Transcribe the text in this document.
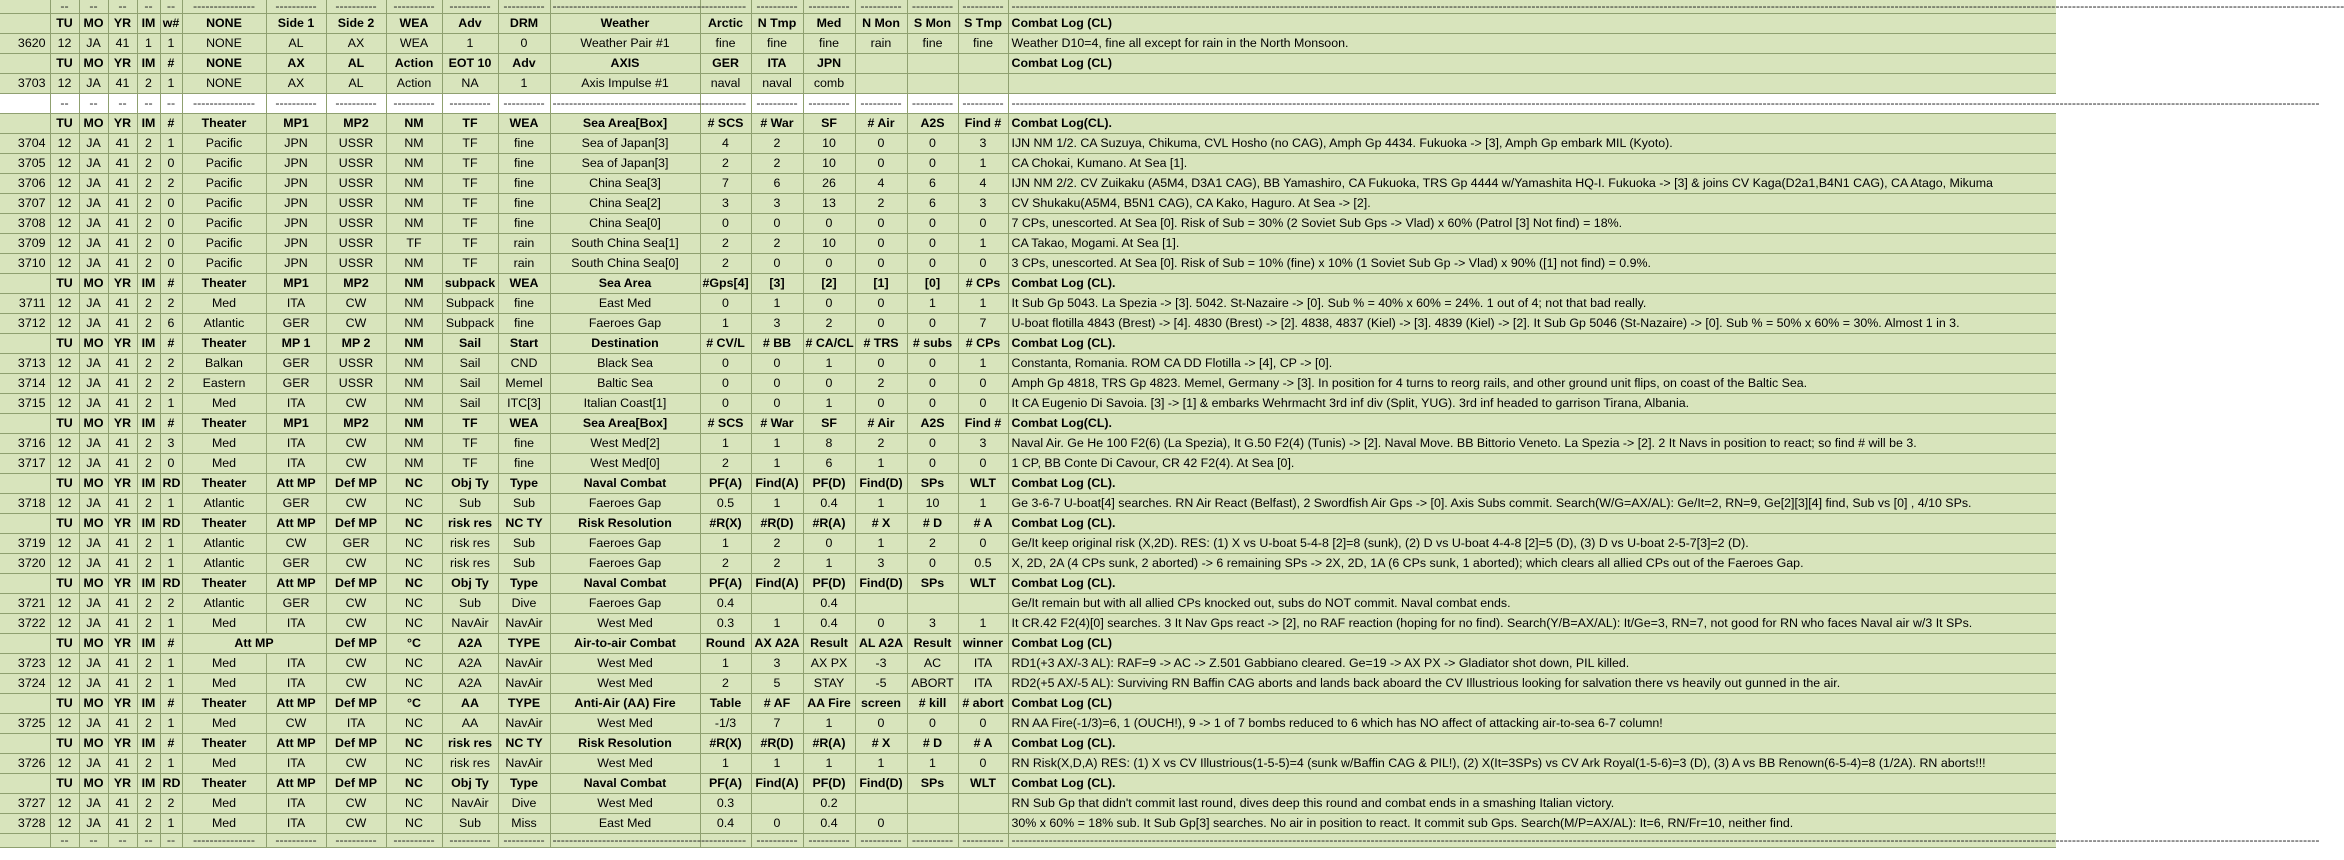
	--	--	--	--	--	---------------	----------	----------	----------	----------	----------	-------------------------------------	----------	----------	----------	----------	----------	----------	-----------------------------------------------------------------------------------------------------------------------------------------------------------------------------------------------------------------------------------------------------------------------------------------------------------------------------------
	TU	MO	YR	IM	w#	NONE	Side 1	Side 2	WEA	Adv	DRM	Weather	Arctic	N Tmp	Med	N Mon	S Mon	S Tmp	Combat Log (CL)
3620	12	JA	41	1	1	NONE	AL	AX	WEA	1	0	Weather Pair #1	fine	fine	fine	rain	fine	fine	Weather D10=4, fine all except for rain in the North Monsoon.
	TU	MO	YR	IM	#	NONE	AX	AL	Action	EOT 10	Adv	AXIS	GER	ITA	JPN				Combat Log (CL)
3703	12	JA	41	2	1	NONE	AX	AL	Action	NA	1	Axis Impulse #1	naval	naval	comb				
	--	--	--	--	--	---------------	----------	----------	----------	----------	----------	-------------------------------------	----------	----------	----------	----------	----------	----------	-----------------------------------------------------------------------------------------------------------------------------------------------------------------------------------------------------------------------------------------------------------------------------------------------------------------------------
	TU	MO	YR	IM	#	Theater	MP1	MP2	NM	TF	WEA	Sea Area[Box]	# SCS	# War	SF	# Air	A2S	Find #	Combat Log(CL).
3704	12	JA	41	2	1	Pacific	JPN	USSR	NM	TF	fine	Sea of Japan[3]	4	2	10	0	0	3	IJN NM 1/2. CA Suzuya, Chikuma, CVL Hosho (no CAG), Amph Gp 4434. Fukuoka -> [3], Amph Gp embark MIL (Kyoto).
3705	12	JA	41	2	0	Pacific	JPN	USSR	NM	TF	fine	Sea of Japan[3]	2	2	10	0	0	1	CA Chokai, Kumano. At Sea [1].
3706	12	JA	41	2	2	Pacific	JPN	USSR	NM	TF	fine	China Sea[3]	7	6	26	4	6	4	IJN NM 2/2. CV Zuikaku (A5M4, D3A1 CAG), BB Yamashiro, CA Fukuoka, TRS Gp 4444 w/Yamashita HQ-I. Fukuoka -> [3] & joins CV Kaga(D2a1,B4N1 CAG), CA Atago, Mikuma
3707	12	JA	41	2	0	Pacific	JPN	USSR	NM	TF	fine	China Sea[2]	3	3	13	2	6	3	CV Shukaku(A5M4, B5N1 CAG), CA Kako, Haguro. At Sea -> [2].
3708	12	JA	41	2	0	Pacific	JPN	USSR	NM	TF	fine	China Sea[0]	0	0	0	0	0	0	7 CPs, unescorted. At Sea [0]. Risk of Sub = 30% (2 Soviet Sub Gps -> Vlad) x 60% (Patrol [3] Not find) = 18%.
3709	12	JA	41	2	0	Pacific	JPN	USSR	TF	TF	rain	South China Sea[1]	2	2	10	0	0	1	CA Takao, Mogami. At Sea [1].
3710	12	JA	41	2	0	Pacific	JPN	USSR	NM	TF	rain	South China Sea[0]	2	0	0	0	0	0	3 CPs, unescorted. At Sea [0]. Risk of Sub = 10% (fine) x 10% (1 Soviet Sub Gp -> Vlad) x 90% ([1] not find) = 0.9%.
	TU	MO	YR	IM	#	Theater	MP1	MP2	NM	subpack	WEA	Sea Area	#Gps[4]	[3]	[2]	[1]	[0]	# CPs	Combat Log (CL).
3711	12	JA	41	2	2	Med	ITA	CW	NM	Subpack	fine	East Med	0	1	0	0	1	1	It Sub Gp 5043. La Spezia -> [3]. 5042. St-Nazaire -> [0]. Sub % = 40% x 60% = 24%. 1 out of 4; not that bad really.
3712	12	JA	41	2	6	Atlantic	GER	CW	NM	Subpack	fine	Faeroes Gap	1	3	2	0	0	7	U-boat flotilla 4843 (Brest) -> [4]. 4830 (Brest) -> [2]. 4838, 4837 (Kiel) -> [3]. 4839 (Kiel) -> [2]. It Sub Gp 5046 (St-Nazaire) -> [0]. Sub % = 50% x 60% = 30%. Almost 1 in 3.
	TU	MO	YR	IM	#	Theater	MP 1	MP 2	NM	Sail	Start	Destination	# CV/L	# BB	# CA/CL	# TRS	# subs	# CPs	Combat Log (CL).
3713	12	JA	41	2	2	Balkan	GER	USSR	NM	Sail	CND	Black Sea	0	0	1	0	0	1	Constanta, Romania. ROM CA DD Flotilla -> [4], CP -> [0].
3714	12	JA	41	2	2	Eastern	GER	USSR	NM	Sail	Memel	Baltic Sea	0	0	0	2	0	0	Amph Gp 4818, TRS Gp 4823. Memel, Germany -> [3]. In position for 4 turns to reorg rails, and other ground unit flips, on coast of the Baltic Sea.
3715	12	JA	41	2	1	Med	ITA	CW	NM	Sail	ITC[3]	Italian Coast[1]	0	0	1	0	0	0	It CA Eugenio Di Savoia. [3] -> [1] & embarks Wehrmacht 3rd inf div (Split, YUG). 3rd inf headed to garrison Tirana, Albania.
	TU	MO	YR	IM	#	Theater	MP1	MP2	NM	TF	WEA	Sea Area[Box]	# SCS	# War	SF	# Air	A2S	Find #	Combat Log(CL).
3716	12	JA	41	2	3	Med	ITA	CW	NM	TF	fine	West Med[2]	1	1	8	2	0	3	Naval Air. Ge He 100 F2(6) (La Spezia), It G.50 F2(4) (Tunis) -> [2]. Naval Move. BB Bittorio Veneto. La Spezia -> [2]. 2 It Navs in position to react; so find # will be 3.
3717	12	JA	41	2	0	Med	ITA	CW	NM	TF	fine	West Med[0]	2	1	6	1	0	0	1 CP, BB Conte Di Cavour, CR 42 F2(4). At Sea [0].
	TU	MO	YR	IM	RD	Theater	Att MP	Def MP	NC	Obj Ty	Type	Naval Combat	PF(A)	Find(A)	PF(D)	Find(D)	SPs	WLT	Combat Log (CL).
3718	12	JA	41	2	1	Atlantic	GER	CW	NC	Sub	Sub	Faeroes Gap	0.5	1	0.4	1	10	1	Ge 3-6-7 U-boat[4] searches. RN Air React (Belfast), 2 Swordfish Air Gps -> [0]. Axis Subs commit. Search(W/G=AX/AL): Ge/It=2, RN=9, Ge[2][3][4] find, Sub vs [0] , 4/10 SPs.
	TU	MO	YR	IM	RD	Theater	Att MP	Def MP	NC	risk res	NC TY	Risk Resolution	#R(X)	#R(D)	#R(A)	# X	# D	# A	Combat Log (CL).
3719	12	JA	41	2	1	Atlantic	CW	GER	NC	risk res	Sub	Faeroes Gap	1	2	0	1	2	0	Ge/It keep original risk (X,2D). RES: (1) X vs U-boat 5-4-8 [2]=8 (sunk), (2) D vs U-boat 4-4-8 [2]=5 (D), (3) D vs U-boat 2-5-7[3]=2 (D).
3720	12	JA	41	2	1	Atlantic	GER	CW	NC	risk res	Sub	Faeroes Gap	2	2	1	3	0	0.5	X, 2D, 2A (4 CPs sunk, 2 aborted) -> 6 remaining SPs -> 2X, 2D, 1A (6 CPs sunk, 1 aborted); which clears all allied CPs out of the Faeroes Gap.
	TU	MO	YR	IM	RD	Theater	Att MP	Def MP	NC	Obj Ty	Type	Naval Combat	PF(A)	Find(A)	PF(D)	Find(D)	SPs	WLT	Combat Log (CL).
3721	12	JA	41	2	2	Atlantic	GER	CW	NC	Sub	Dive	Faeroes Gap	0.4		0.4				Ge/It remain but with all allied CPs knocked out, subs do NOT commit. Naval combat ends.
3722	12	JA	41	2	1	Med	ITA	CW	NC	NavAir	NavAir	West Med	0.3	1	0.4	0	3	1	It CR.42 F2(4)[0] searches. 3 It Nav Gps react -> [2], no RAF reaction (hoping for no find). Search(Y/B=AX/AL): It/Ge=3, RN=7, not good for RN who faces Naval air w/3 It SPs.
	TU	MO	YR	IM	#	Att MP		Def MP	°C	A2A	TYPE	Air-to-air Combat	Round	AX A2A	Result	AL A2A	Result	winner	Combat Log (CL)
3723	12	JA	41	2	1	Med	ITA	CW	NC	A2A	NavAir	West Med	1	3	AX PX	-3	AC	ITA	RD1(+3 AX/-3 AL): RAF=9 -> AC -> Z.501 Gabbiano cleared. Ge=19 -> AX PX -> Gladiator shot down, PIL killed.
3724	12	JA	41	2	1	Med	ITA	CW	NC	A2A	NavAir	West Med	2	5	STAY	-5	ABORT	ITA	RD2(+5 AX/-5 AL): Surviving RN Baffin CAG aborts and lands back aboard the CV Illustrious looking for salvation there vs heavily out gunned in the air.
	TU	MO	YR	IM	#	Theater	Att MP	Def MP	°C	AA	TYPE	Anti-Air (AA) Fire	Table	# AF	AA Fire	screen	# kill	# abort	Combat Log (CL)
3725	12	JA	41	2	1	Med	CW	ITA	NC	AA	NavAir	West Med	-1/3	7	1	0	0	0	RN AA Fire(-1/3)=6, 1 (OUCH!), 9 -> 1 of 7 bombs reduced to 6 which has NO affect of attacking air-to-sea 6-7 column!
	TU	MO	YR	IM	#	Theater	Att MP	Def MP	NC	risk res	NC TY	Risk Resolution	#R(X)	#R(D)	#R(A)	# X	# D	# A	Combat Log (CL).
3726	12	JA	41	2	1	Med	ITA	CW	NC	risk res	NavAir	West Med	1	1	1	1	1	0	RN Risk(X,D,A) RES: (1) X vs CV Illustrious(1-5-5)=4 (sunk w/Baffin CAG & PIL!), (2) X(It=3SPs) vs CV Ark Royal(1-5-6)=3 (D), (3) A vs BB Renown(6-5-4)=8 (1/2A). RN aborts!!!
	TU	MO	YR	IM	RD	Theater	Att MP	Def MP	NC	Obj Ty	Type	Naval Combat	PF(A)	Find(A)	PF(D)	Find(D)	SPs	WLT	Combat Log (CL).
3727	12	JA	41	2	2	Med	ITA	CW	NC	NavAir	Dive	West Med	0.3		0.2				RN Sub Gp that didn't commit last round, dives deep this round and combat ends in a smashing Italian victory.
3728	12	JA	41	2	1	Med	ITA	CW	NC	Sub	Miss	East Med	0.4	0	0.4	0			30% x 60% = 18% sub. It Sub Gp[3] searches. No air in position to react. It commit sub Gps. Search(M/P=AX/AL): It=6, RN/Fr=10, neither find.
	--	--	--	--	--	---------------	----------	----------	----------	----------	----------	-------------------------------------	----------	----------	----------	----------	----------	----------	-----------------------------------------------------------------------------------------------------------------------------------------------------------------------------------------------------------------------------------------------------------------------------------------------------------------------------
